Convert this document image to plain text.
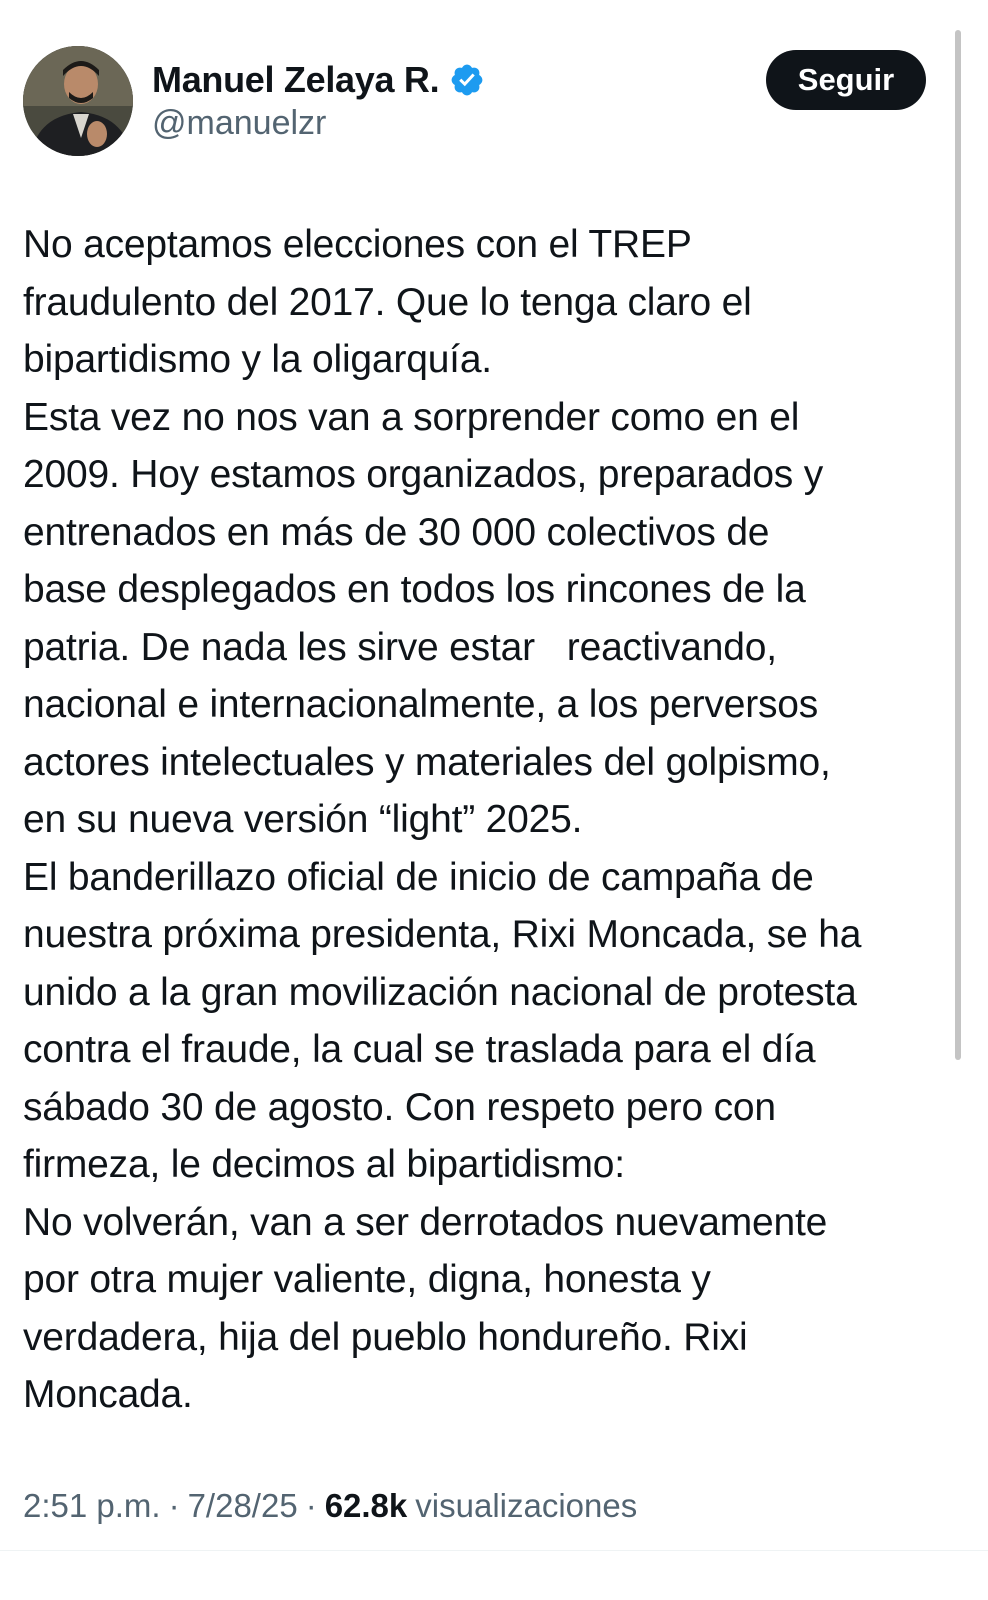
Manuel Zelaya R.
@manuelzr
Seguir
No aceptamos elecciones con el TREP
fraudulento del 2017. Que lo tenga claro el
bipartidismo y la oligarquía.
Esta vez no nos van a sorprender como en el
2009. Hoy estamos organizados, preparados y
entrenados en más de 30 000 colectivos de
base desplegados en todos los rincones de la
patria. De nada les sirve estar   reactivando,
nacional e internacionalmente, a los perversos
actores intelectuales y materiales del golpismo,
en su nueva versión “light” 2025.
El banderillazo oficial de inicio de campaña de
nuestra próxima presidenta, Rixi Moncada, se ha
unido a la gran movilización nacional de protesta
contra el fraude, la cual se traslada para el día
sábado 30 de agosto. Con respeto pero con
firmeza, le decimos al bipartidismo:
No volverán, van a ser derrotados nuevamente
por otra mujer valiente, digna, honesta y
verdadera, hija del pueblo hondureño. Rixi
Moncada.
2:51 p.m. · 7/28/25 · 62.8k visualizaciones
